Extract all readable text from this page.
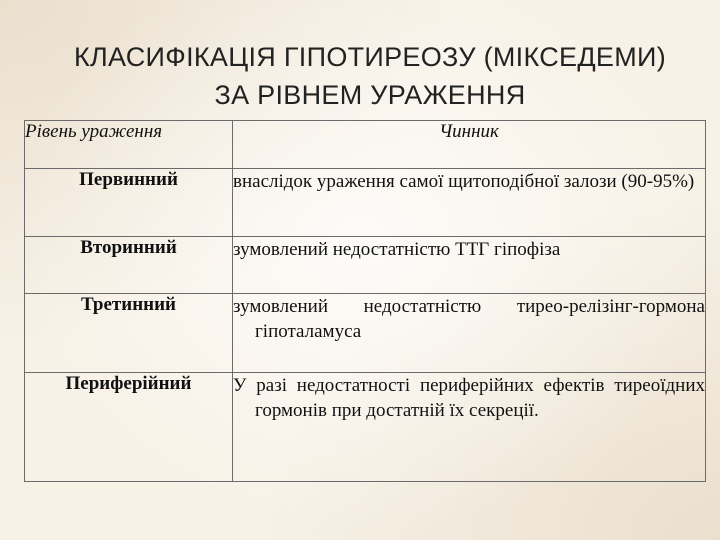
КЛАСИФІКАЦІЯ ГІПОТИРЕОЗУ (МІКСЕДЕМИ)
ЗА РІВНЕМ УРАЖЕННЯ
Рівень ураження	Чинник
Первинний	внаслідок ураження самої щитоподібної залози (90-95%)

Вторинний	зумовлений недостатністю ТТГ гіпофіза

Третинний	зумовлений недостатністю тирео-релізінг-гормона гіпоталамуса

Периферійний	У разі недостатності периферійних ефектів тиреоїдних гормонів при достатній їх секреції.
